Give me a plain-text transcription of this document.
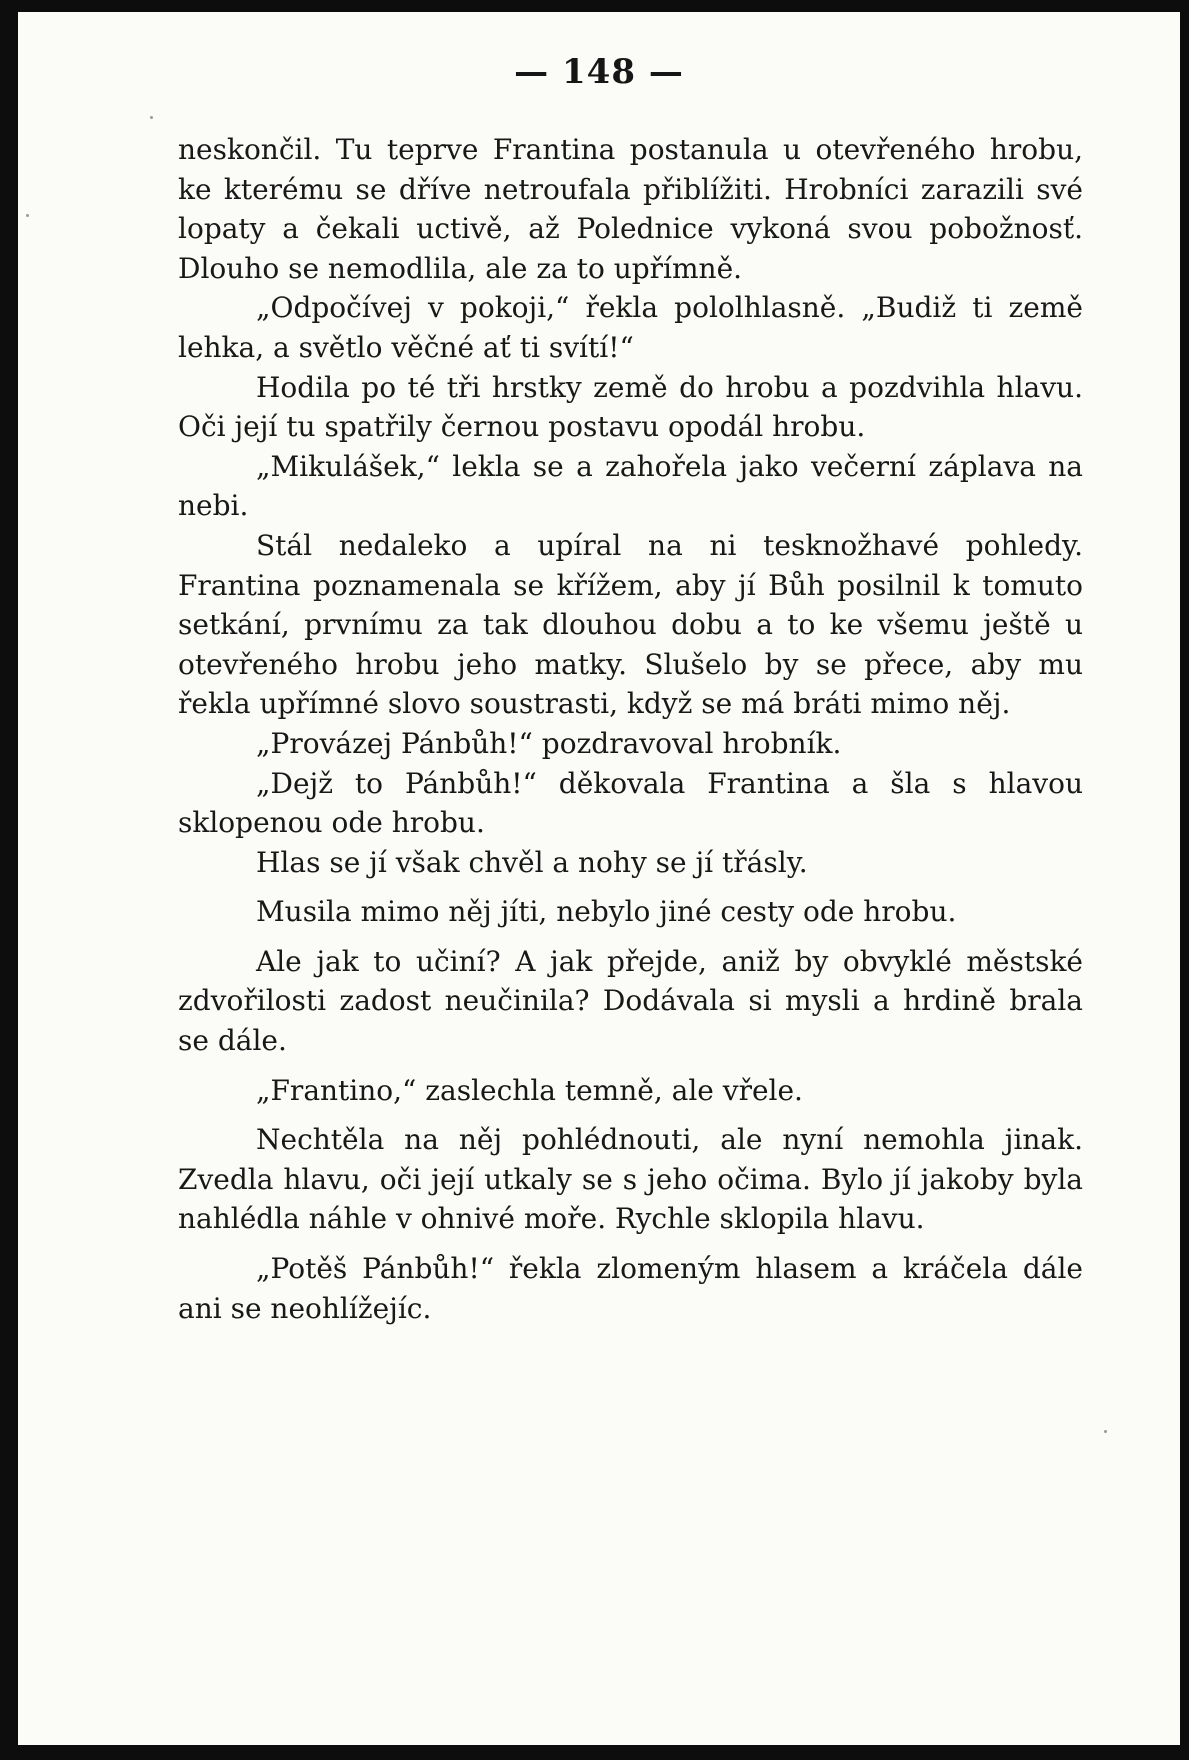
— 148 —

neskončil. Tu teprve Frantina postanula u otevřeného hrobu, ke kterému se dříve netroufala přiblížiti. Hrobníci zarazili své lopaty a čekali uctivě, až Polednice vykoná svou pobožnosť. Dlouho se nemodlila, ale za to upřímně.

„Odpočívej v pokoji,“ řekla pololhlasně. „Budiž ti země lehka, a světlo věčné ať ti svítí!“

Hodila po té tři hrstky země do hrobu a pozdvihla hlavu. Oči její tu spatřily černou postavu opodál hrobu.

„Mikulášek,“ lekla se a zahořela jako večerní záplava na nebi.

Stál nedaleko a upíral na ni tesknožhavé pohledy. Frantina poznamenala se křížem, aby jí Bůh posilnil k tomuto setkání, prvnímu za tak dlouhou dobu a to ke všemu ještě u otevřeného hrobu jeho matky. Slušelo by se přece, aby mu řekla upřímné slovo soustrasti, když se má bráti mimo něj.

„Provázej Pánbůh!“ pozdravoval hrobník.

„Dejž to Pánbůh!“ děkovala Frantina a šla s hlavou sklopenou ode hrobu.

Hlas se jí však chvěl a nohy se jí třásly.

Musila mimo něj jíti, nebylo jiné cesty ode hrobu.

Ale jak to učiní? A jak přejde, aniž by obvyklé městské zdvořilosti zadost neučinila? Dodávala si mysli a hrdině brala se dále.

„Frantino,“ zaslechla temně, ale vřele.

Nechtěla na něj pohlédnouti, ale nyní nemohla jinak. Zvedla hlavu, oči její utkaly se s jeho očima. Bylo jí jakoby byla nahlédla náhle v ohnivé moře. Rychle sklopila hlavu.

„Potěš Pánbůh!“ řekla zlomeným hlasem a kráčela dále ani se neohlížejíc.
